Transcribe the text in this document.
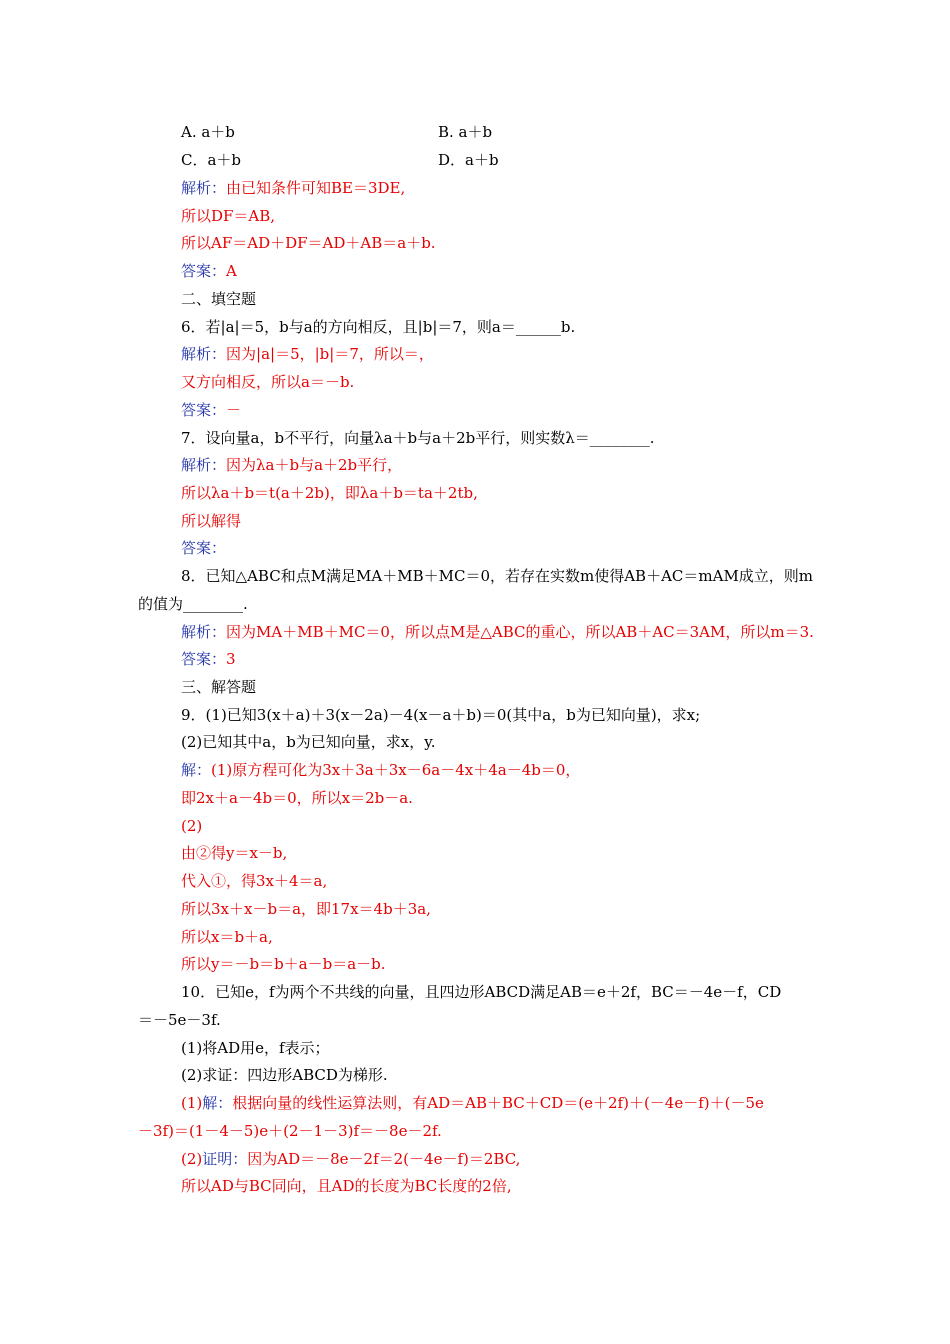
A. a＋b	B. a＋b
C．a＋b	D．a＋b
解析：由已知条件可知BE＝3DE,
所以DF＝AB,
所以AF＝AD＋DF＝AD＋AB＝a＋b.
答案：A
二、填空题
6．若|a|＝5，b与a的方向相反，且|b|＝7，则a＝______b.
解析：因为|a|＝5，|b|＝7，所以＝，
又方向相反，所以a＝－b.
答案：－
7．设向量a，b不平行，向量λa＋b与a＋2b平行，则实数λ＝________.
解析：因为λa＋b与a＋2b平行，
所以λa＋b＝t(a＋2b)，即λa＋b＝ta＋2tb,
所以解得
答案：
8．已知△ABC和点M满足MA＋MB＋MC＝0，若存在实数m使得AB＋AC＝mAM成立，则m
的值为________.
解析：因为MA＋MB＋MC＝0，所以点M是△ABC的重心，所以AB＋AC＝3AM，所以m＝3.
答案：3
三、解答题
9．(1)已知3(x＋a)＋3(x－2a)－4(x－a＋b)＝0(其中a，b为已知向量)，求x;
(2)已知其中a，b为已知向量，求x，y.
解：(1)原方程可化为3x＋3a＋3x－6a－4x＋4a－4b＝0，
即2x＋a－4b＝0，所以x＝2b－a.
(2)
由②得y＝x－b,
代入①，得3x＋4＝a,
所以3x＋x－b＝a，即17x＝4b＋3a,
所以x＝b＋a,
所以y＝－b＝b＋a－b＝a－b.
10．已知e，f为两个不共线的向量，且四边形ABCD满足AB＝e＋2f，BC＝－4e－f，CD
＝－5e－3f.
(1)将AD用e，f表示；
(2)求证：四边形ABCD为梯形.
(1)解：根据向量的线性运算法则，有AD＝AB＋BC＋CD＝(e＋2f)＋(－4e－f)＋(－5e
－3f)＝(1－4－5)e＋(2－1－3)f＝－8e－2f.
(2)证明：因为AD＝－8e－2f＝2(－4e－f)＝2BC,
所以AD与BC同向，且AD的长度为BC长度的2倍,
